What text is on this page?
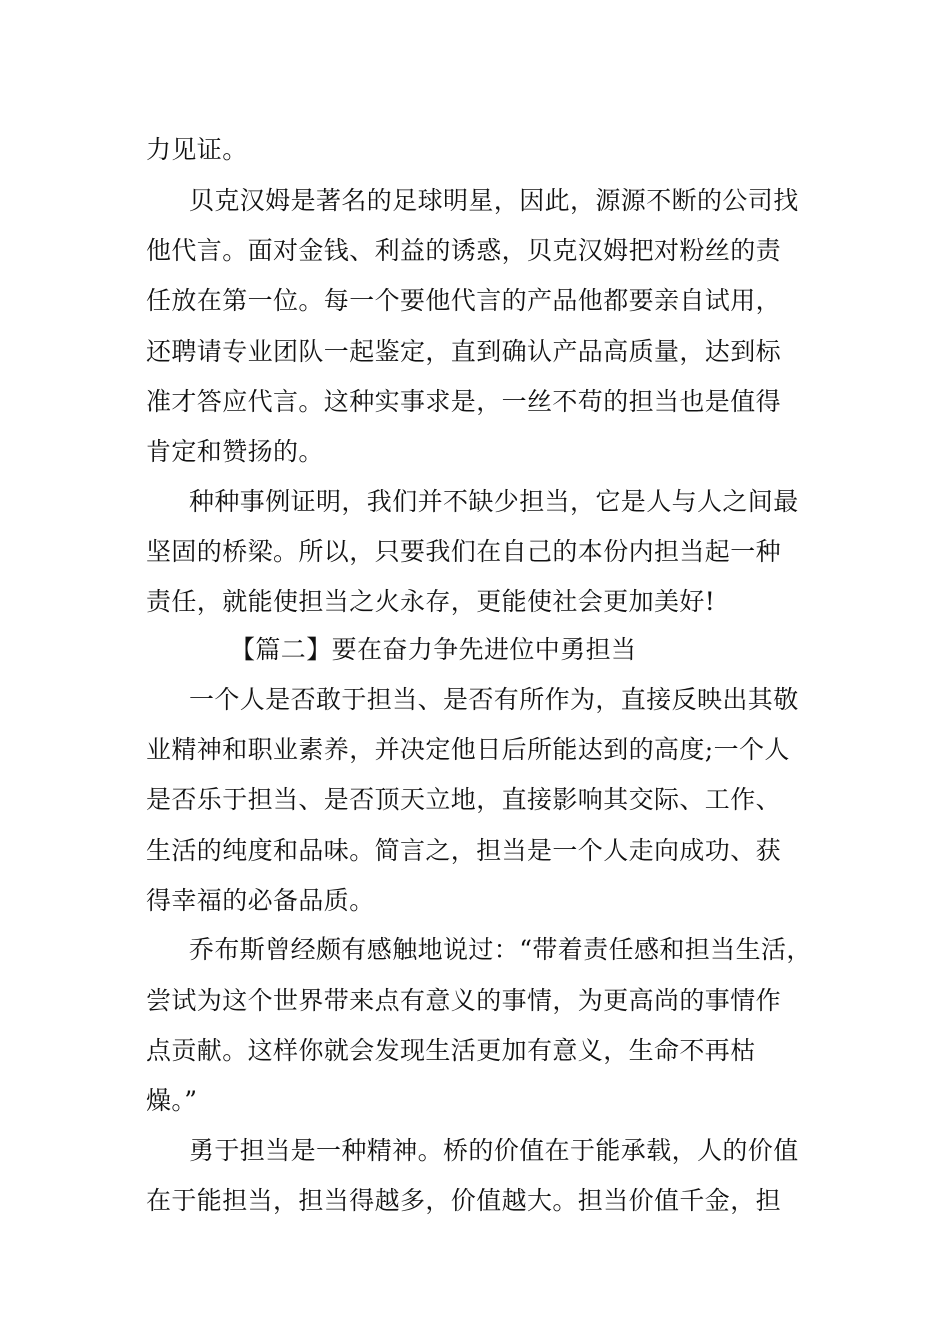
力见证。
贝克汉姆是著名的足球明星，因此，源源不断的公司找
他代言。面对金钱、利益的诱惑，贝克汉姆把对粉丝的责
任放在第一位。每一个要他代言的产品他都要亲自试用，
还聘请专业团队一起鉴定，直到确认产品高质量，达到标
准才答应代言。这种实事求是，一丝不苟的担当也是值得
肯定和赞扬的。
种种事例证明，我们并不缺少担当，它是人与人之间最
坚固的桥梁。所以，只要我们在自己的本份内担当起一种
责任，就能使担当之火永存，更能使社会更加美好!
【篇二】要在奋力争先进位中勇担当
一个人是否敢于担当、是否有所作为，直接反映出其敬
业精神和职业素养，并决定他日后所能达到的高度;一个人
是否乐于担当、是否顶天立地，直接影响其交际、工作、
生活的纯度和品味。简言之，担当是一个人走向成功、获
得幸福的必备品质。
乔布斯曾经颇有感触地说过：“带着责任感和担当生活，
尝试为这个世界带来点有意义的事情，为更高尚的事情作
点贡献。这样你就会发现生活更加有意义，生命不再枯
燥。”
勇于担当是一种精神。桥的价值在于能承载，人的价值
在于能担当，担当得越多，价值越大。担当价值千金，担
